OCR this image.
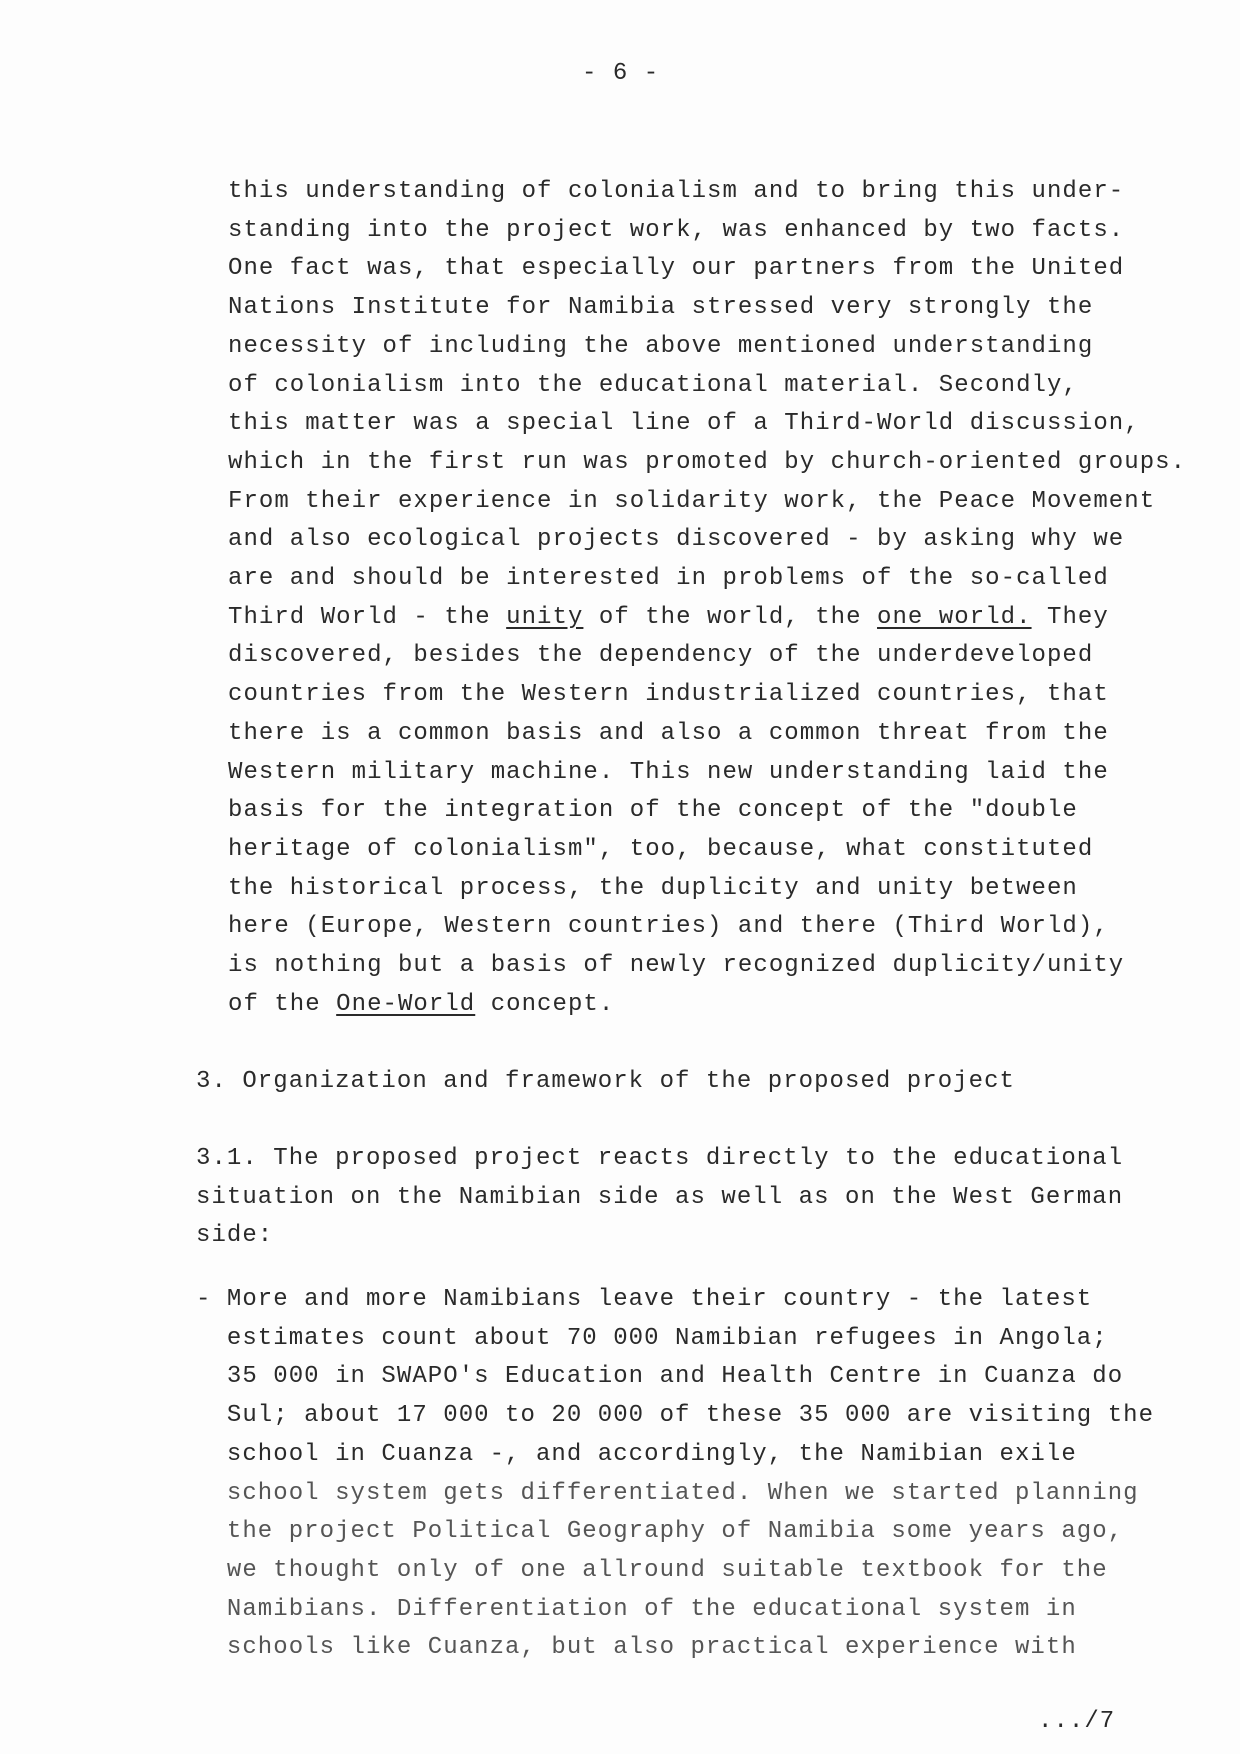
- 6 -
this understanding of colonialism and to bring this under-
standing into the project work, was enhanced by two facts.
One fact was, that especially our partners from the United
Nations Institute for Namibia stressed very strongly the
necessity of including the above mentioned understanding
of colonialism into the educational material. Secondly,
this matter was a special line of a Third-World discussion,
which in the first run was promoted by church-oriented groups.
From their experience in solidarity work, the Peace Movement
and also ecological projects discovered - by asking why we
are and should be interested in problems of the so-called
Third World - the unity of the world, the one world. They
discovered, besides the dependency of the underdeveloped
countries from the Western industrialized countries, that
there is a common basis and also a common threat from the
Western military machine. This new understanding laid the
basis for the integration of the concept of the "double
heritage of colonialism", too, because, what constituted
the historical process, the duplicity and unity between
here (Europe, Western countries) and there (Third World),
is nothing but a basis of newly recognized duplicity/unity
of the One-World concept.
3. Organization and framework of the proposed project
3.1. The proposed project reacts directly to the educational
situation on the Namibian side as well as on the West German
side:
- More and more Namibians leave their country - the latest
estimates count about 70 000 Namibian refugees in Angola;
35 000 in SWAPO's Education and Health Centre in Cuanza do
Sul; about 17 000 to 20 000 of these 35 000 are visiting the
school in Cuanza -, and accordingly, the Namibian exile
school system gets differentiated. When we started planning
the project Political Geography of Namibia some years ago,
we thought only of one allround suitable textbook for the
Namibians. Differentiation of the educational system in
schools like Cuanza, but also practical experience with
.../7
